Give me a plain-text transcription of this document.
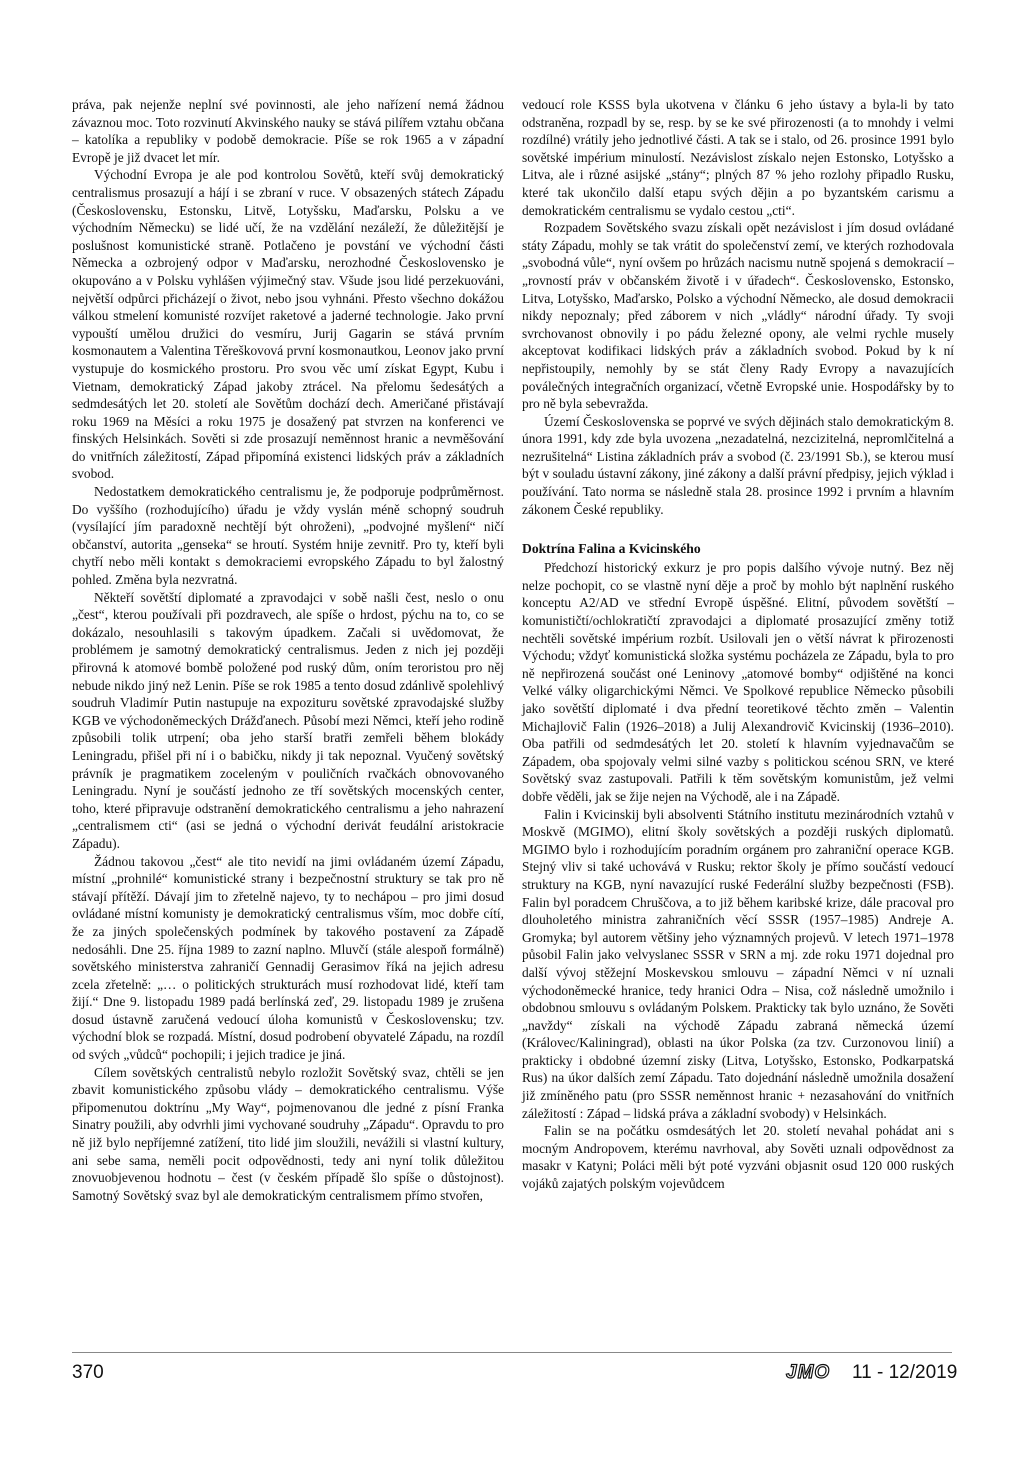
práva, pak nejenže neplní své povinnosti, ale jeho nařízení nemá žádnou závaznou moc. Toto rozvinutí Akvinského nauky se stává pilířem vztahu občana – katolíka a republiky v podobě demokracie. Píše se rok 1965 a v západní Evropě je již dvacet let mír.

Východní Evropa je ale pod kontrolou Sovětů, kteří svůj demokratický centralismus prosazují a hájí i se zbraní v ruce. V obsazených státech Západu (Československu, Estonsku, Litvě, Lotyšsku, Maďarsku, Polsku a ve východním Německu) se lidé učí, že na vzdělání nezáleží, že důležitější je poslušnost komunistické straně. Potlačeno je povstání ve východní části Německa a ozbrojený odpor v Maďarsku, nerozhodné Československo je okupováno a v Polsku vyhlášen výjimečný stav. Všude jsou lidé perzekuováni, největší odpůrci přicházejí o život, nebo jsou vyhnáni. Přesto všechno dokážou válkou stmelení komunisté rozvíjet raketové a jaderné technologie. Jako první vypouští umělou družici do vesmíru, Jurij Gagarin se stává prvním kosmonautem a Valentina Těreškovová první kosmonautkou, Leonov jako první vystupuje do kosmického prostoru. Pro svou věc umí získat Egypt, Kubu i Vietnam, demokratický Západ jakoby ztrácel. Na přelomu šedesátých a sedmdesátých let 20. století ale Sovětům dochází dech. Američané přistávají roku 1969 na Měsíci a roku 1975 je dosažený pat stvrzen na konferenci ve finských Helsinkách. Sověti si zde prosazují neměnnost hranic a nevměšování do vnitřních záležitostí, Západ připomíná existenci lidských práv a základních svobod.

Nedostatkem demokratického centralismu je, že podporuje podprůměrnost. Do vyššího (rozhodujícího) úřadu je vždy vyslán méně schopný soudruh (vysílající jím paradoxně nechtějí být ohroženi), „podvojné myšlení“ ničí občanství, autorita „genseka“ se hroutí. Systém hnije zevnitř. Pro ty, kteří byli chytří nebo měli kontakt s demokraciemi evropského Západu to byl žalostný pohled. Změna byla nezvratná.

Někteří sovětští diplomaté a zpravodajci v sobě našli čest, neslo o onu „čest“, kterou používali při pozdravech, ale spíše o hrdost, pýchu na to, co se dokázalo, nesouhlasili s takovým úpadkem. Začali si uvědomovat, že problémem je samotný demokratický centralismus. Jeden z nich jej později přirovná k atomové bombě položené pod ruský dům, oním teroristou pro něj nebude nikdo jiný než Lenin. Píše se rok 1985 a tento dosud zdánlivě spolehlivý soudruh Vladimír Putin nastupuje na expozituru sovětské zpravodajské služby KGB ve východoněmeckých Drážďanech. Působí mezi Němci, kteří jeho rodině způsobili tolik utrpení; oba jeho starší bratři zemřeli během blokády Leningradu, přišel při ní i o babičku, nikdy ji tak nepoznal. Vyučený sovětský právník je pragmatikem zoceleným v pouličních rvačkách obnovovaného Leningradu. Nyní je součástí jednoho ze tří sovětských mocenských center, toho, které připravuje odstranění demokratického centralismu a jeho nahrazení „centralismem cti“ (asi se jedná o východní derivát feudální aristokracie Západu).

Žádnou takovou „čest“ ale tito nevidí na jimi ovládaném území Západu, místní „prohnilé“ komunistické strany i bezpečnostní struktury se tak pro ně stávají přítěží. Dávají jim to zřetelně najevo, ty to nechápou – pro jimi dosud ovládané místní komunisty je demokratický centralismus vším, moc dobře cítí, že za jiných společenských podmínek by takového postavení za Západě nedosáhli. Dne 25. října 1989 to zazní naplno. Mluvčí (stále alespoň formálně) sovětského ministerstva zahraničí Gennadij Gerasimov říká na jejich adresu zcela zřetelně: „… o politických strukturách musí rozhodovat lidé, kteří tam žijí.“ Dne 9. listopadu 1989 padá berlínská zeď, 29. listopadu 1989 je zrušena dosud ústavně zaručená vedoucí úloha komunistů v Československu; tzv. východní blok se rozpadá. Místní, dosud podrobení obyvatelé Západu, na rozdíl od svých „vůdců“ pochopili; i jejich tradice je jiná.

Cílem sovětských centralistů nebylo rozložit Sovětský svaz, chtěli se jen zbavit komunistického způsobu vlády – demokratického centralismu. Výše připomenutou doktrínu „My Way“, pojmenovanou dle jedné z písní Franka Sinatry použili, aby odvrhli jimi vychované soudruhy „Západu“. Opravdu to pro ně již bylo nepříjemné zatížení, tito lidé jim sloužili, nevážili si vlastní kultury, ani sebe sama, neměli pocit odpovědnosti, tedy ani nyní tolik důležitou znovuobjevenou hodnotu – čest (v českém případě šlo spíše o důstojnost). Samotný Sovětský svaz byl ale demokratickým centralismem přímo stvořen,

vedoucí role KSSS byla ukotvena v článku 6 jeho ústavy a byla-li by tato odstraněna, rozpadl by se, resp. by se ke své přirozenosti (a to mnohdy i velmi rozdílné) vrátily jeho jednotlivé části. A tak se i stalo, od 26. prosince 1991 bylo sovětské impérium minulostí. Nezávislost získalo nejen Estonsko, Lotyšsko a Litva, ale i různé asijské „stány“; plných 87 % jeho rozlohy připadlo Rusku, které tak ukončilo další etapu svých dějin a po byzantském carismu a demokratickém centralismu se vydalo cestou „cti“.

Rozpadem Sovětského svazu získali opět nezávislost i jím dosud ovládané státy Západu, mohly se tak vrátit do společenství zemí, ve kterých rozhodovala „svobodná vůle“, nyní ovšem po hrůzách nacismu nutně spojená s demokracií – „rovností práv v občanském životě i v úřadech“. Československo, Estonsko, Litva, Lotyšsko, Maďarsko, Polsko a východní Německo, ale dosud demokracii nikdy nepoznaly; před záborem v nich „vládly“ národní úřady. Ty svoji svrchovanost obnovily i po pádu železné opony, ale velmi rychle musely akceptovat kodifikaci lidských práv a základních svobod. Pokud by k ní nepřistoupily, nemohly by se stát členy Rady Evropy a navazujících poválečných integračních organizací, včetně Evropské unie. Hospodářsky by to pro ně byla sebevražda.

Území Československa se poprvé ve svých dějinách stalo demokratickým 8. února 1991, kdy zde byla uvozena „nezadatelná, nezcizitelná, nepromlčitelná a nezrušitelná“ Listina základních práv a svobod (č. 23/1991 Sb.), se kterou musí být v souladu ústavní zákony, jiné zákony a další právní předpisy, jejich výklad i používání. Tato norma se následně stala 28. prosince 1992 i prvním a hlavním zákonem České republiky.

Doktrína Falina a Kvicinského

Předchozí historický exkurz je pro popis dalšího vývoje nutný. Bez něj nelze pochopit, co se vlastně nyní děje a proč by mohlo být naplnění ruského konceptu A2/AD ve střední Evropě úspěšné. Elitní, původem sovětští – komunističtí/ochlokratičtí zpravodajci a diplomaté prosazující změny totiž nechtěli sovětské impérium rozbít. Usilovali jen o větší návrat k přirozenosti Východu; vždyť komunistická složka systému pocházela ze Západu, byla to pro ně nepřirozená součást oné Leninovy „atomové bomby“ odjištěné na konci Velké války oligarchickými Němci. Ve Spolkové republice Německo působili jako sovětští diplomaté i dva přední teoretikové těchto změn – Valentin Michajlovič Falin (1926–2018) a Julij Alexandrovič Kvicinskij (1936–2010). Oba patřili od sedmdesátých let 20. století k hlavním vyjednavačům se Západem, oba spojovaly velmi silné vazby s politickou scénou SRN, ve které Sovětský svaz zastupovali. Patřili k těm sovětským komunistům, jež velmi dobře věděli, jak se žije nejen na Východě, ale i na Západě.

Falin i Kvicinskij byli absolventi Státního institutu mezinárodních vztahů v Moskvě (MGIMO), elitní školy sovětských a později ruských diplomatů. MGIMO bylo i rozhodujícím poradním orgánem pro zahraniční operace KGB. Stejný vliv si také uchovává v Rusku; rektor školy je přímo součástí vedoucí struktury na KGB, nyní navazující ruské Federální služby bezpečnosti (FSB). Falin byl poradcem Chruščova, a to již během karibské krize, dále pracoval pro dlouholetého ministra zahraničních věcí SSSR (1957–1985) Andreje A. Gromyka; byl autorem většiny jeho významných projevů. V letech 1971–1978 působil Falin jako velvyslanec SSSR v SRN a mj. zde roku 1971 dojednal pro další vývoj stěžejní Moskevskou smlouvu – západní Němci v ní uznali východoněmecké hranice, tedy hranici Odra – Nisa, což následně umožnilo i obdobnou smlouvu s ovládaným Polskem. Prakticky tak bylo uznáno, že Sověti „navždy“ získali na východě Západu zabraná německá území (Královec/Kaliningrad), oblasti na úkor Polska (za tzv. Curzonovou linií) a prakticky i obdobné územní zisky (Litva, Lotyšsko, Estonsko, Podkarpatská Rus) na úkor dalších zemí Západu. Tato dojednání následně umožnila dosažení již zmíněného patu (pro SSSR neměnnost hranic + nezasahování do vnitřních záležitostí : Západ – lidská práva a základní svobody) v Helsinkách.

Falin se na počátku osmdesátých let 20. století nevahal pohádat ani s mocným Andropovem, kterému navrhoval, aby Sověti uznali odpovědnost za masakr v Katyni; Poláci měli být poté vyzváni objasnit osud 120 000 ruských vojáků zajatých polským vojevůdcem

370	JMO 11 - 12/2019
